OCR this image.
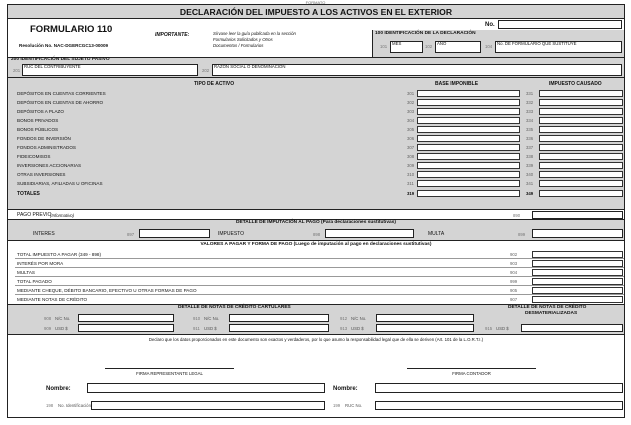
FORMATO
DECLARACIÓN DEL IMPUESTO A LOS ACTIVOS EN EL EXTERIOR
No.
FORMULARIO 110
Resolución No. NAC-DGERCGC13-00009
IMPORTANTE:	Sírvase leer la guía publicada en la sección
Formularios Solicitados y Otros
Documentos / Formularios
100 IDENTIFICACIÓN DE LA DECLARACIÓN
101
MES
102
AÑO
104
No. DE FORMULARIO QUE SUSTITUYE
200 IDENTIFICACIÓN DEL SUJETO PASIVO
201
RUC DEL CONTRIBUYENTE
202
RAZÓN SOCIAL O DENOMINACIÓN
TIPO DE ACTIVO	BASE IMPONIBLE	IMPUESTO CAUSADO
DEPÓSITOS EN CUENTAS CORRIENTES	301	331
DEPÓSITOS EN CUENTAS DE AHORRO	302	332
DEPÓSITOS A PLAZO	303	333
BONOS PRIVADOS	304	334
BONOS PÚBLICOS	305	335
FONDOS DE INVERSIÓN	306	336
FONDOS ADMINISTRADOS	307	337
FIDEICOMISOS	308	338
INVERSIONES ACCIONARIAS	309	339
OTRAS INVERSIONES	310	340
SUBSIDIARIAS, AFILIADAS U OFICINAS	311	341
TOTALES	319	349
PAGO PREVIO
(Informativo)	890
DETALLE DE IMPUTACIÓN AL PAGO (Para declaraciones sustitutivas)
INTERES	897	IMPUESTO	898	MULTA	899
VALORES A PAGAR Y FORMA DE PAGO (Luego de imputación al pago en declaraciones sustitutivas)
TOTAL IMPUESTO A PAGAR (349 - 898)	902
INTERÉS POR MORA	903
MULTAS	904
TOTAL PAGADO	999
MEDIANTE CHEQUE, DÉBITO BANCARIO, EFECTIVO U OTRAS FORMAS DE PAGO	905
MEDIANTE NOTAS DE CRÉDITO	907
DETALLE DE NOTAS DE CRÉDITO CARTULARES	DETALLE DE NOTAS DE CRÉDITO
DESMATERIALIZADAS
908 N/C No.	910 N/C No.	912 N/C No.
909 USD $	911 USD $	913 USD $	915 USD $
Declaro que los datos proporcionados en este documento son exactos y verdaderos, por lo que asumo la responsabilidad legal que de ella se deriven (Art. 101 de la L.O.R.T.I.)
FIRMA REPRESENTANTE LEGAL	FIRMA CONTADOR
Nombre:	Nombre:
198 No. Identificación	199 RUC No.
